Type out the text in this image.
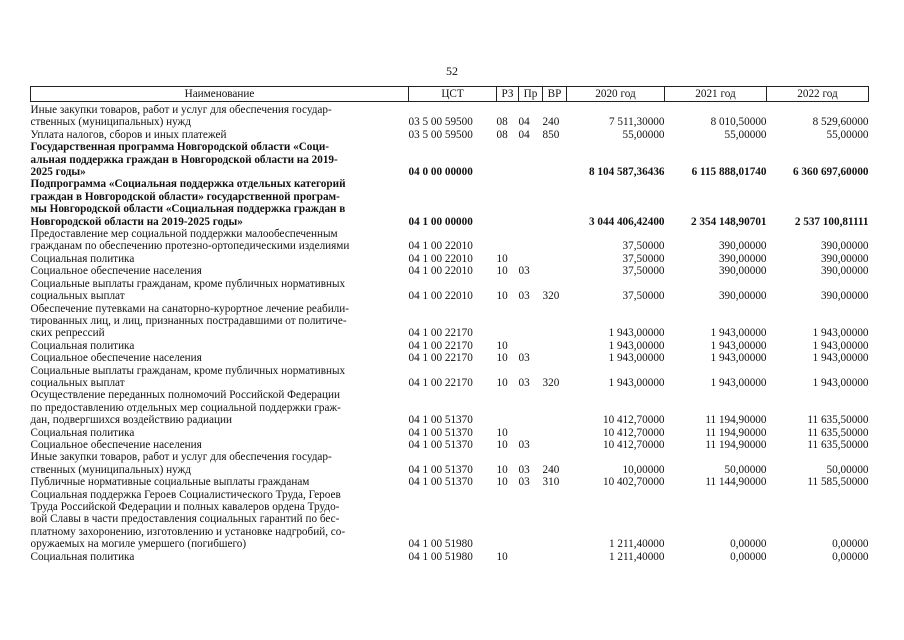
52
Наименование	ЦСТ	РЗ	Пр	ВР	2020 год	2021 год	2022 год

Иные закупки товаров, работ и услуг для обеспечения государ-
ственных (муниципальных) нужд	03 5 00 59500	08	04	240	7 511,30000	8 010,50000	8 529,60000
Уплата налогов, сборов и иных платежей	03 5 00 59500	08	04	850	55,00000	55,00000	55,00000
Государственная программа Новгородской области «Соци-
альная поддержка граждан в Новгородской области на 2019-
2025 годы»	04 0 00 00000				8 104 587,36436	6 115 888,01740	6 360 697,60000
Подпрограмма «Социальная поддержка отдельных категорий
граждан в Новгородской области» государственной програм-
мы Новгородской области «Социальная поддержка граждан в
Новгородской области на 2019-2025 годы»	04 1 00 00000				3 044 406,42400	2 354 148,90701	2 537 100,81111
Предоставление мер социальной поддержки малообеспеченным
гражданам по обеспечению протезно-ортопедическими изделиями	04 1 00 22010				37,50000	390,00000	390,00000
Социальная политика	04 1 00 22010	10			37,50000	390,00000	390,00000
Социальное обеспечение населения	04 1 00 22010	10	03		37,50000	390,00000	390,00000
Социальные выплаты гражданам, кроме публичных нормативных
социальных выплат	04 1 00 22010	10	03	320	37,50000	390,00000	390,00000
Обеспечение путевками на санаторно-курортное лечение реабили-
тированных лиц, и лиц, признанных пострадавшими от политиче-
ских репрессий	04 1 00 22170				1 943,00000	1 943,00000	1 943,00000
Социальная политика	04 1 00 22170	10			1 943,00000	1 943,00000	1 943,00000
Социальное обеспечение населения	04 1 00 22170	10	03		1 943,00000	1 943,00000	1 943,00000
Социальные выплаты гражданам, кроме публичных нормативных
социальных выплат	04 1 00 22170	10	03	320	1 943,00000	1 943,00000	1 943,00000
Осуществление переданных полномочий Российской Федерации
по предоставлению отдельных мер социальной поддержки граж-
дан, подвергшихся воздействию радиации	04 1 00 51370				10 412,70000	11 194,90000	11 635,50000
Социальная политика	04 1 00 51370	10			10 412,70000	11 194,90000	11 635,50000
Социальное обеспечение населения	04 1 00 51370	10	03		10 412,70000	11 194,90000	11 635,50000
Иные закупки товаров, работ и услуг для обеспечения государ-
ственных (муниципальных) нужд	04 1 00 51370	10	03	240	10,00000	50,00000	50,00000
Публичные нормативные социальные выплаты гражданам	04 1 00 51370	10	03	310	10 402,70000	11 144,90000	11 585,50000
Социальная поддержка Героев Социалистического Труда, Героев
Труда Российской Федерации и полных кавалеров ордена Трудо-
вой Славы в части предоставления социальных гарантий по бес-
платному захоронению, изготовлению и установке надгробий, со-
оружаемых на могиле умершего (погибшего)	04 1 00 51980				1 211,40000	0,00000	0,00000
Социальная политика	04 1 00 51980	10			1 211,40000	0,00000	0,00000
